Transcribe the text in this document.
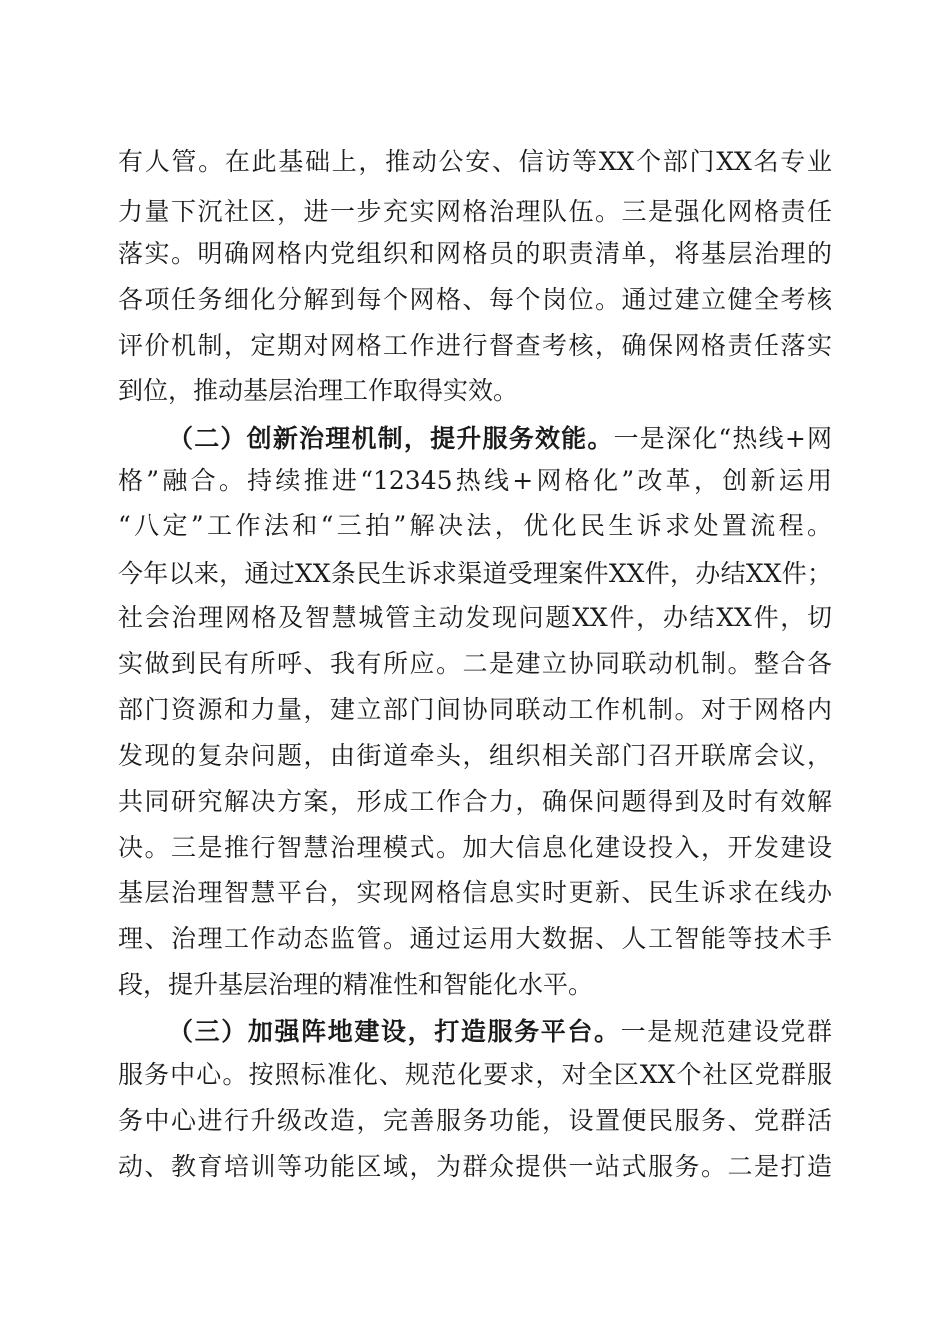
有人管。在此基础上，推动公安、信访等XX个部门XX名专业
力量下沉社区，进一步充实网格治理队伍。三是强化网格责任
落实。明确网格内党组织和网格员的职责清单，将基层治理的
各项任务细化分解到每个网格、每个岗位。通过建立健全考核
评价机制，定期对网格工作进行督查考核，确保网格责任落实
到位，推动基层治理工作取得实效。
（二）创新治理机制，提升服务效能。一是深化“热线+网
格”融合。持续推进“12345热线+网格化”改革，创新运用
“八定”工作法和“三拍”解决法，优化民生诉求处置流程。
今年以来，通过XX条民生诉求渠道受理案件XX件，办结XX件；
社会治理网格及智慧城管主动发现问题XX件，办结XX件，切
实做到民有所呼、我有所应。二是建立协同联动机制。整合各
部门资源和力量，建立部门间协同联动工作机制。对于网格内
发现的复杂问题，由街道牵头，组织相关部门召开联席会议，
共同研究解决方案，形成工作合力，确保问题得到及时有效解
决。三是推行智慧治理模式。加大信息化建设投入，开发建设
基层治理智慧平台，实现网格信息实时更新、民生诉求在线办
理、治理工作动态监管。通过运用大数据、人工智能等技术手
段，提升基层治理的精准性和智能化水平。
（三）加强阵地建设，打造服务平台。一是规范建设党群
服务中心。按照标准化、规范化要求，对全区XX个社区党群服
务中心进行升级改造，完善服务功能，设置便民服务、党群活
动、教育培训等功能区域，为群众提供一站式服务。二是打造
